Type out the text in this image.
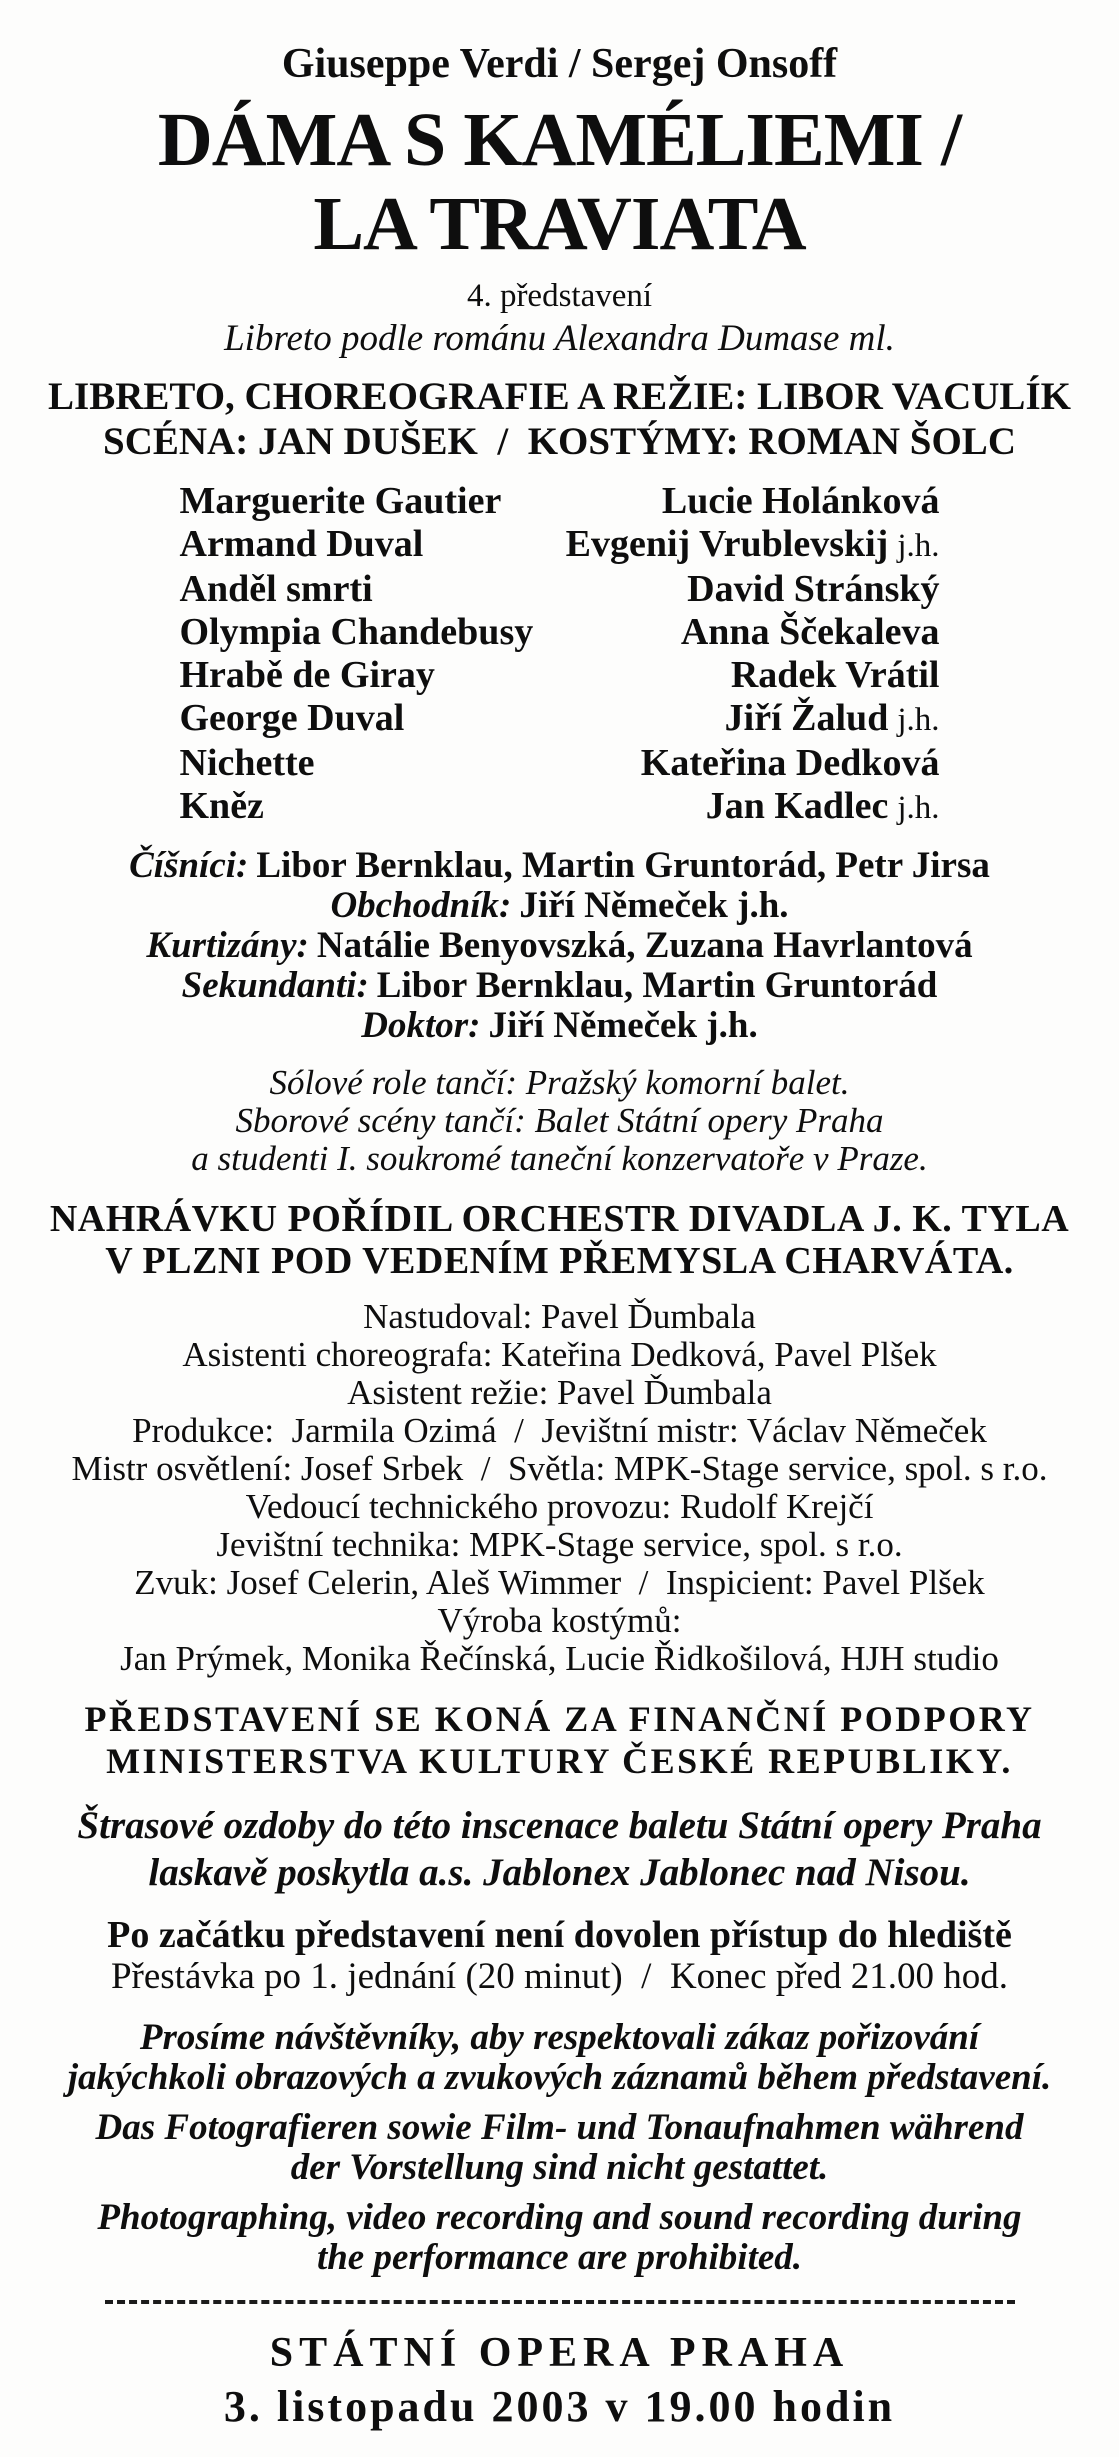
Giuseppe Verdi / Sergej Onsoff
DÁMA S KAMÉLIEMI /
LA TRAVIATA
4. představení
Libreto podle románu Alexandra Dumase ml.
LIBRETO, CHOREOGRAFIE A REŽIE: LIBOR VACULÍK
SCÉNA: JAN DUŠEK / KOSTÝMY: ROMAN ŠOLC
Marguerite Gautier	Lucie Holánková
Armand Duval	Evgenij Vrublevskij j.h.
Anděl smrti	David Stránský
Olympia Chandebusy	Anna Ščekaleva
Hrabě de Giray	Radek Vrátil
George Duval	Jiří Žalud j.h.
Nichette	Kateřina Dedková
Kněz	Jan Kadlec j.h.
Číšníci: Libor Bernklau, Martin Gruntorád, Petr Jirsa
Obchodník: Jiří Němeček j.h.
Kurtizány: Natálie Benyovszká, Zuzana Havrlantová
Sekundanti: Libor Bernklau, Martin Gruntorád
Doktor: Jiří Němeček j.h.
Sólové role tančí: Pražský komorní balet.
Sborové scény tančí: Balet Státní opery Praha
a studenti I. soukromé taneční konzervatoře v Praze.
NAHRÁVKU POŘÍDIL ORCHESTR DIVADLA J. K. TYLA
V PLZNI POD VEDENÍM PŘEMYSLA CHARVÁTA.
Nastudoval: Pavel Ďumbala
Asistenti choreografa: Kateřina Dedková, Pavel Plšek
Asistent režie: Pavel Ďumbala
Produkce:  Jarmila Ozimá / Jevištní mistr: Václav Němeček
Mistr osvětlení: Josef Srbek / Světla: MPK-Stage service, spol. s r.o.
Vedoucí technického provozu: Rudolf Krejčí
Jevištní technika: MPK-Stage service, spol. s r.o.
Zvuk: Josef Celerin, Aleš Wimmer / Inspicient: Pavel Plšek
Výroba kostýmů:
Jan Prýmek, Monika Řečínská, Lucie Řidkošilová, HJH studio
PŘEDSTAVENÍ SE KONÁ ZA FINANČNÍ PODPORY
MINISTERSTVA KULTURY ČESKÉ REPUBLIKY.
Štrasové ozdoby do této inscenace baletu Státní opery Praha
laskavě poskytla a.s. Jablonex Jablonec nad Nisou.
Po začátku představení není dovolen přístup do hlediště
Přestávka po 1. jednání (20 minut) / Konec před 21.00 hod.
Prosíme návštěvníky, aby respektovali zákaz pořizování
jakýchkoli obrazových a zvukových záznamů během představení.
Das Fotografieren sowie Film- und Tonaufnahmen während
der Vorstellung sind nicht gestattet.
Photographing, video recording and sound recording during
the performance are prohibited.
STÁTNÍ OPERA PRAHA
3. listopadu 2003 v 19.00 hodin
